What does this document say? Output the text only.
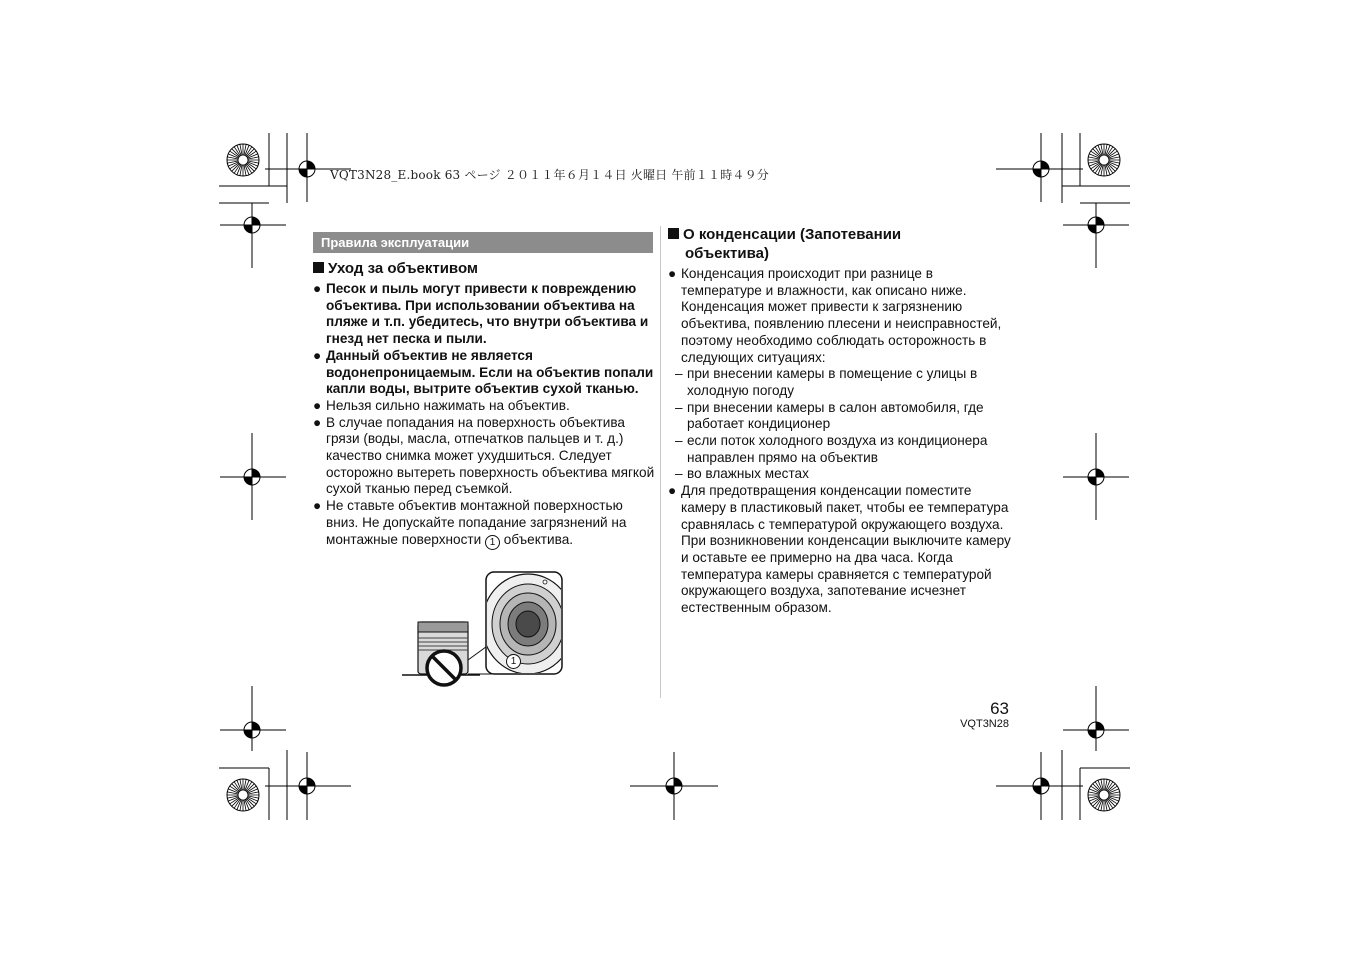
VQT3N28_E.book 63 ページ ２０１１年６月１４日 火曜日 午前１１時４９分
Правила эксплуатации
Уход за объективом
● Песок и пыль могут привести к повреждению объектива. При использовании объектива на пляже и т.п. убедитесь, что внутри объектива и гнезд нет песка и пыли.
● Данный объектив не является водонепроницаемым. Если на объектив попали капли воды, вытрите объектив сухой тканью.
● Нельзя сильно нажимать на объектив.
● В случае попадания на поверхность объектива грязи (воды, масла, отпечатков пальцев и т. д.) качество снимка может ухудшиться. Следует осторожно вытереть поверхность объектива мягкой сухой тканью перед съемкой.
● Не ставьте объектив монтажной поверхностью вниз. Не допускайте попадание загрязнений на монтажные поверхности 1 объектива.
1
О конденсации (Запотевании
объектива)
● Конденсация происходит при разнице в температуре и влажности, как описано ниже. Конденсация может привести к загрязнению объектива, появлению плесени и неисправностей, поэтому необходимо соблюдать осторожность в следующих ситуациях:
– при внесении камеры в помещение с улицы в холодную погоду
– при внесении камеры в салон автомобиля, где работает кондиционер
– если поток холодного воздуха из кондиционера направлен прямо на объектив
– во влажных местах
● Для предотвращения конденсации поместите камеру в пластиковый пакет, чтобы ее температура сравнялась с температурой окружающего воздуха. При возникновении конденсации выключите камеру и оставьте ее примерно на два часа. Когда температура камеры сравняется с температурой окружающего воздуха, запотевание исчезнет естественным образом.
63
VQT3N28
